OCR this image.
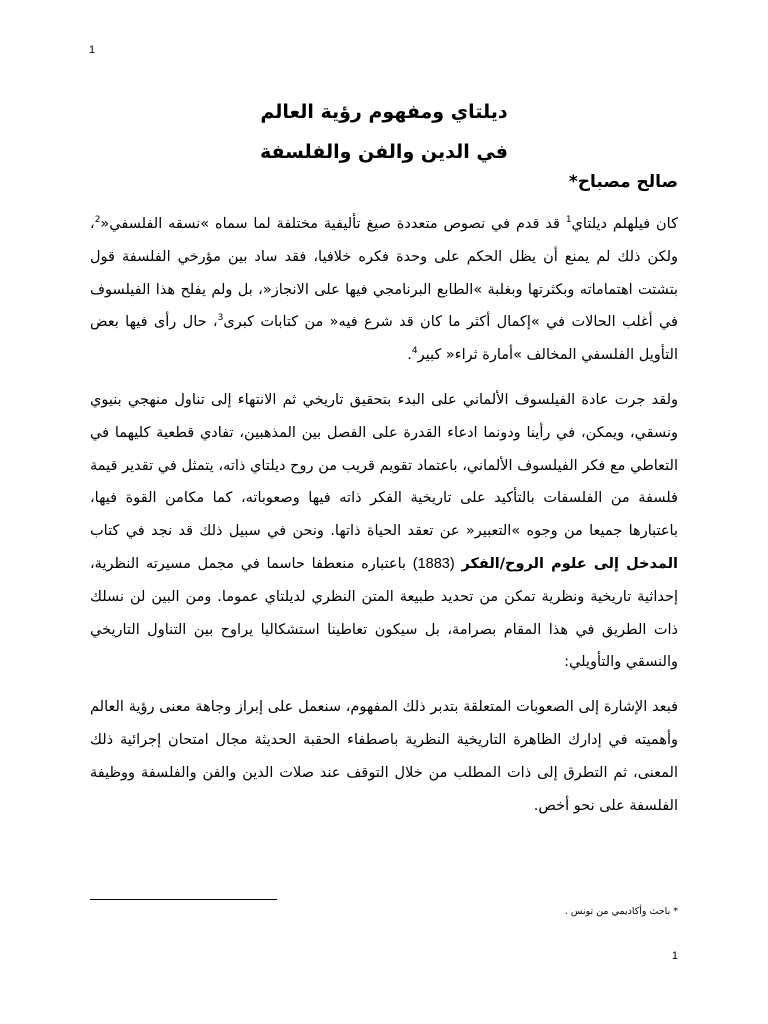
1

ديلتاي ومفهوم رؤية العالم

في الدين والفن والفلسفة

صالح مصباح*

كان فيلهلم ديلتاي$^1$ قد قدم في نصوص متعددة صيغ تأليفية مختلفة لما سماه »نسقه الفلسفي«$^2$، ولكن ذلك لم يمنع أن يظل الحكم على وحدة فكره خلافيا، فقد ساد بين مؤرخي الفلسفة قول بتشتت اهتماماته وبكثرتها وبغلبة »الطابع البرنامجي فيها على الانجاز«، بل ولم يفلح هذا الفيلسوف في أغلب الحالات في »إكمال أكثر ما كان قد شرع فيه« من كتابات كبرى$^3$، حال رأى فيها بعض التأويل الفلسفي المخالف »أمارة ثراء« كبير$^4$.

ولقد جرت عادة الفيلسوف الألماني على البدء بتحقيق تاريخي ثم الانتهاء إلى تناول منهجي بنيوي ونسقي، ويمكن، في رأينا ودونما ادعاء القدرة على الفصل بين المذهبين، تفادي قطعية كليهما في التعاطي مع فكر الفيلسوف الألماني، باعتماد تقويم قريب من روح ديلتاي ذاته، يتمثل في تقدير قيمة فلسفة من الفلسفات بالتأكيد على تاريخية الفكر ذاته فيها وصعوباته، كما مكامن القوة فيها، باعتبارها جميعا من وجوه »التعبير« عن تعقد الحياة ذاتها. ونحن في سبيل ذلك قد نجد في كتاب المدخل إلى علوم الروح/الفكر (1883) باعتباره منعطفا حاسما في مجمل مسيرته النظرية، إحداثية تاريخية ونظرية تمكن من تحديد طبيعة المتن النظري لديلتاي عموما. ومن البين لن نسلك ذات الطريق في هذا المقام بصرامة، بل سيكون تعاطينا استشكاليا يراوح بين التناول التاريخي والنسقي والتأويلي:

فبعد الإشارة إلى الصعوبات المتعلقة بتدبر ذلك المفهوم، سنعمل على إبراز وجاهة معنى رؤية العالم وأهميته في إدارك الظاهرة التاريخية النظرية باصطفاء الحقبة الحديثة مجال امتحان إجرائية ذلك المعنى، ثم التطرق إلى ذات المطلب من خلال التوقف عند صلات الدين والفن والفلسفة ووظيفة الفلسفة على نحو أخص.

* باحث وأكاديمي من تونس .
1
